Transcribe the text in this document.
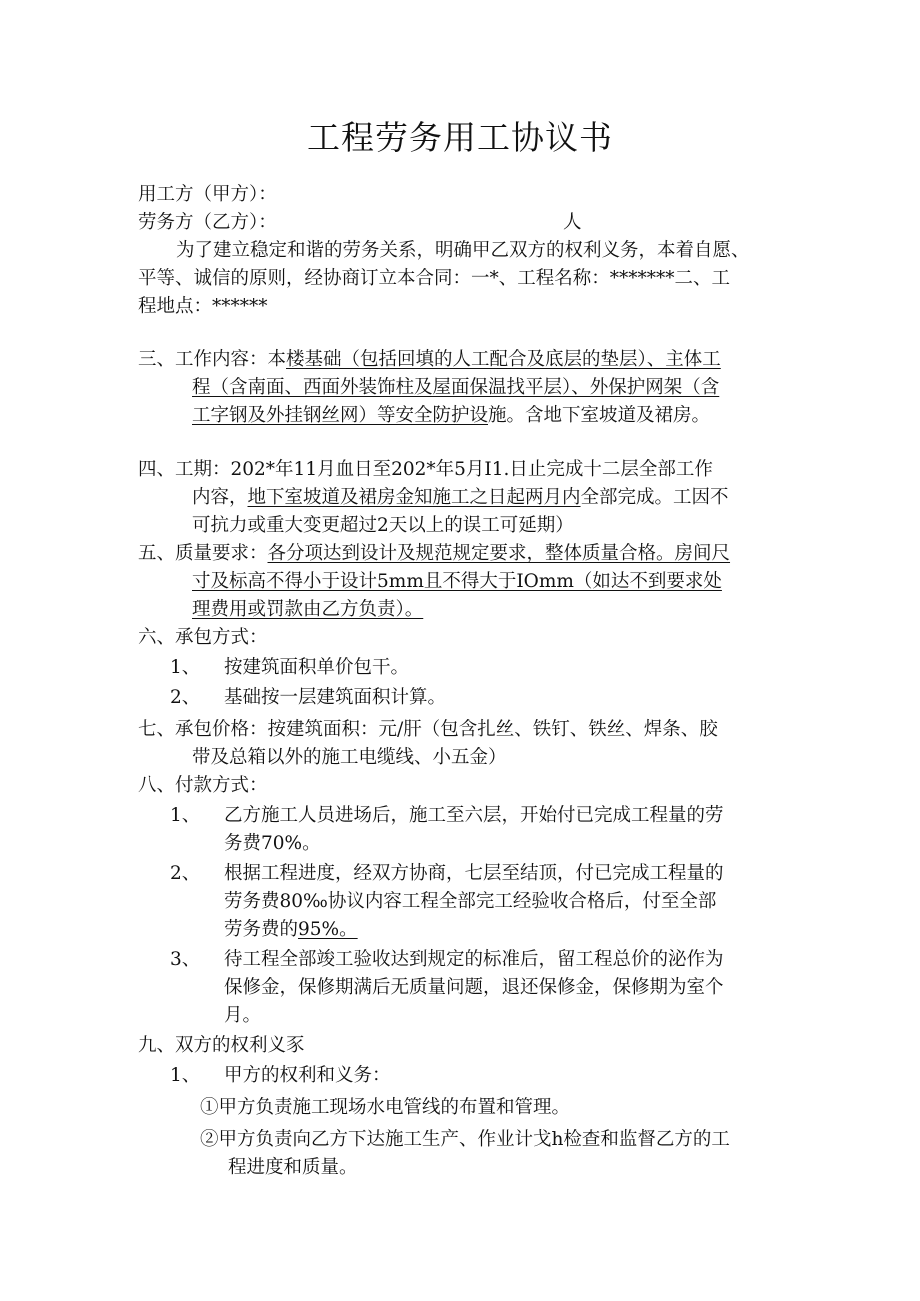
工程劳务用工协议书
用工方（甲方）：
劳务方（乙方）：	人
为了建立稳定和谐的劳务关系，明确甲乙双方的权利义务，本着自愿、
平等、诚信的原则，经协商订立本合同：一*、工程名称：*******二、工
程地点：******
三、工作内容：本楼基础（包括回填的人工配合及底层的垫层）、主体工
程（含南面、西面外装饰柱及屋面保温找平层）、外保护网架（含
工字钢及外挂钢丝网）等安全防护设施。含地下室坡道及裙房。
四、工期：202*年11月血日至202*年5月I1.日止完成十二层全部工作
内容，地下室坡道及裙房金知施工之日起两月内全部完成。工因不
可抗力或重大变更超过2天以上的误工可延期）
五、质量要求：各分项达到设计及规范规定要求，整体质量合格。房间尺
寸及标高不得小于设计5mm且不得大于IOmm（如达不到要求处
理费用或罚款由乙方负责）。
六、承包方式：
1、 按建筑面积单价包干。
2、 基础按一层建筑面积计算。
七、承包价格：按建筑面积：元/肝（包含扎丝、铁钉、铁丝、焊条、胶
带及总箱以外的施工电缆线、小五金）
八、付款方式：
1、 乙方施工人员进场后，施工至六层，开始付已完成工程量的劳
务费70%。
2、 根据工程进度，经双方协商，七层至结顶，付已完成工程量的
劳务费80‰协议内容工程全部完工经验收合格后，付至全部
劳务费的95%。
3、 待工程全部竣工验收达到规定的标准后，留工程总价的泌作为
保修金，保修期满后无质量问题，退还保修金，保修期为室个
月。
九、双方的权利义豕
1、 甲方的权利和义务：
①甲方负责施工现场水电管线的布置和管理。
②甲方负责向乙方下达施工生产、作业计戈h检查和监督乙方的工
程进度和质量。
